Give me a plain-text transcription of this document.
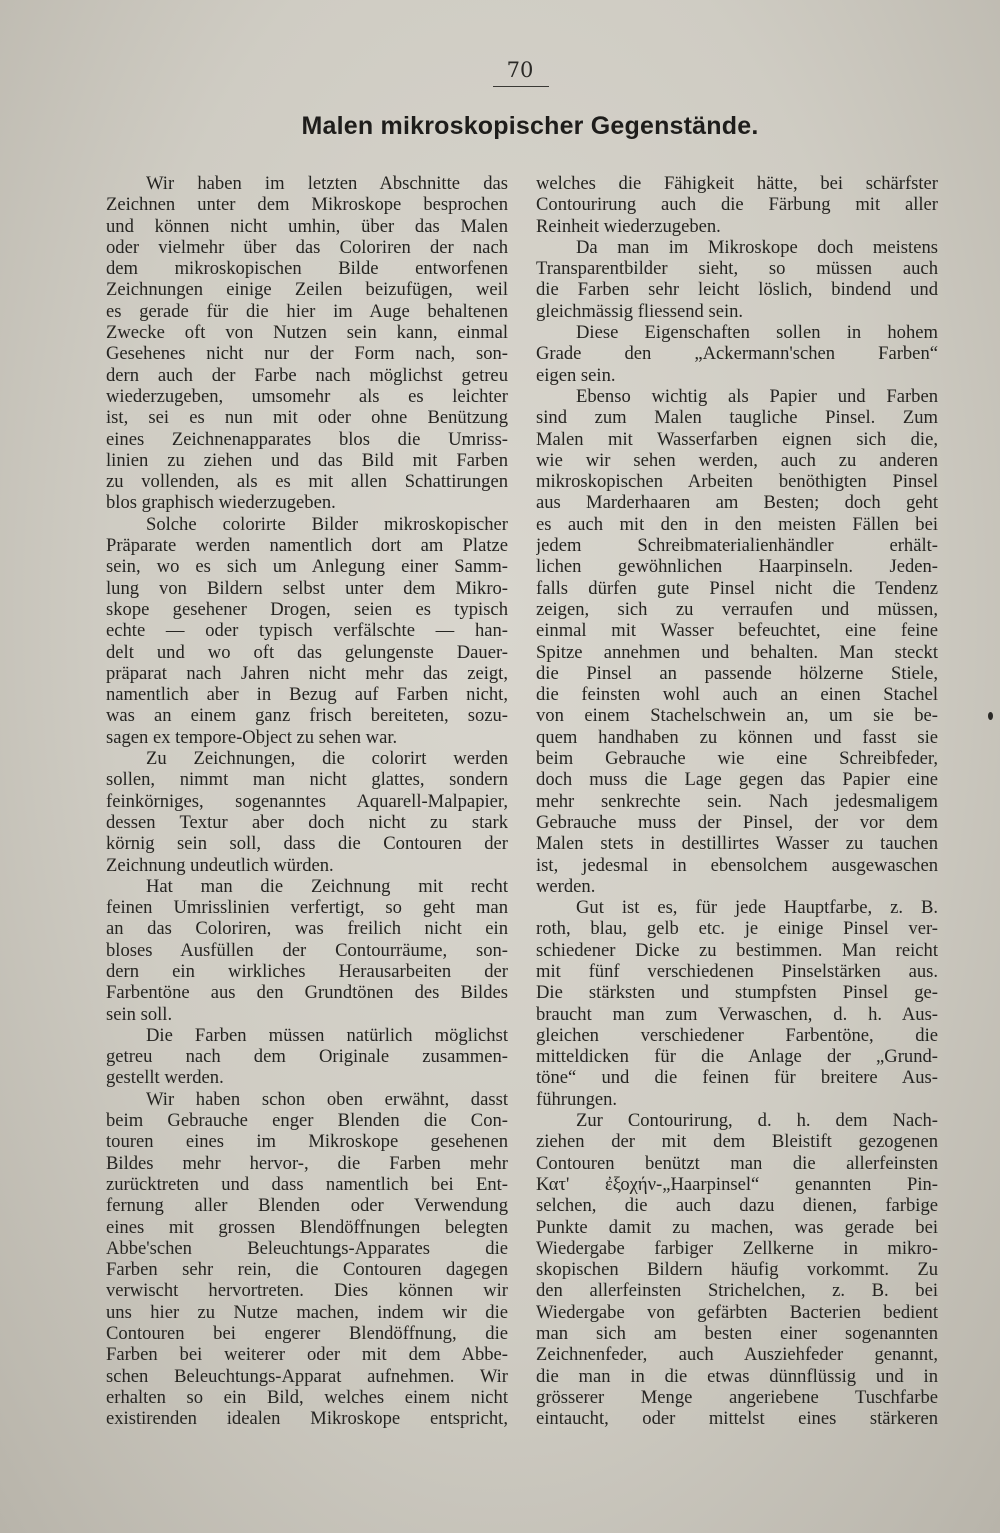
70
Malen mikroskopischer Gegenstände.
Wir haben im letzten Abschnitte das
Zeichnen unter dem Mikroskope besprochen
und können nicht umhin, über das Malen
oder vielmehr über das Coloriren der nach
dem mikroskopischen Bilde entworfenen
Zeichnungen einige Zeilen beizufügen, weil
es gerade für die hier im Auge behaltenen
Zwecke oft von Nutzen sein kann, einmal
Gesehenes nicht nur der Form nach, son-
dern auch der Farbe nach möglichst getreu
wiederzugeben, umsomehr als es leichter
ist, sei es nun mit oder ohne Benützung
eines Zeichnenapparates blos die Umriss-
linien zu ziehen und das Bild mit Farben
zu vollenden, als es mit allen Schattirungen
blos graphisch wiederzugeben.
Solche colorirte Bilder mikroskopischer
Präparate werden namentlich dort am Platze
sein, wo es sich um Anlegung einer Samm-
lung von Bildern selbst unter dem Mikro-
skope gesehener Drogen, seien es typisch
echte — oder typisch verfälschte — han-
delt und wo oft das gelungenste Dauer-
präparat nach Jahren nicht mehr das zeigt,
namentlich aber in Bezug auf Farben nicht,
was an einem ganz frisch bereiteten, sozu-
sagen ex tempore-Object zu sehen war.
Zu Zeichnungen, die colorirt werden
sollen, nimmt man nicht glattes, sondern
feinkörniges, sogenanntes Aquarell-Malpapier,
dessen Textur aber doch nicht zu stark
körnig sein soll, dass die Contouren der
Zeichnung undeutlich würden.
Hat man die Zeichnung mit recht
feinen Umrisslinien verfertigt, so geht man
an das Coloriren, was freilich nicht ein
bloses Ausfüllen der Contourräume, son-
dern ein wirkliches Herausarbeiten der
Farbentöne aus den Grundtönen des Bildes
sein soll.
Die Farben müssen natürlich möglichst
getreu nach dem Originale zusammen-
gestellt werden.
Wir haben schon oben erwähnt, dasst
beim Gebrauche enger Blenden die Con-
touren eines im Mikroskope gesehenen
Bildes mehr hervor-, die Farben mehr
zurücktreten und dass namentlich bei Ent-
fernung aller Blenden oder Verwendung
eines mit grossen Blendöffnungen belegten
Abbe'schen Beleuchtungs-Apparates die
Farben sehr rein, die Contouren dagegen
verwischt hervortreten. Dies können wir
uns hier zu Nutze machen, indem wir die
Contouren bei engerer Blendöffnung, die
Farben bei weiterer oder mit dem Abbe-
schen Beleuchtungs-Apparat aufnehmen. Wir
erhalten so ein Bild, welches einem nicht
existirenden idealen Mikroskope entspricht,
welches die Fähigkeit hätte, bei schärfster
Contourirung auch die Färbung mit aller
Reinheit wiederzugeben.
Da man im Mikroskope doch meistens
Transparentbilder sieht, so müssen auch
die Farben sehr leicht löslich, bindend und
gleichmässig fliessend sein.
Diese Eigenschaften sollen in hohem
Grade den „Ackermann'schen Farben“
eigen sein.
Ebenso wichtig als Papier und Farben
sind zum Malen taugliche Pinsel. Zum
Malen mit Wasserfarben eignen sich die,
wie wir sehen werden, auch zu anderen
mikroskopischen Arbeiten benöthigten Pinsel
aus Marderhaaren am Besten; doch geht
es auch mit den in den meisten Fällen bei
jedem Schreibmaterialienhändler erhält-
lichen gewöhnlichen Haarpinseln. Jeden-
falls dürfen gute Pinsel nicht die Tendenz
zeigen, sich zu verraufen und müssen,
einmal mit Wasser befeuchtet, eine feine
Spitze annehmen und behalten. Man steckt
die Pinsel an passende hölzerne Stiele,
die feinsten wohl auch an einen Stachel
von einem Stachelschwein an, um sie be-
quem handhaben zu können und fasst sie
beim Gebrauche wie eine Schreibfeder,
doch muss die Lage gegen das Papier eine
mehr senkrechte sein. Nach jedesmaligem
Gebrauche muss der Pinsel, der vor dem
Malen stets in destillirtes Wasser zu tauchen
ist, jedesmal in ebensolchem ausgewaschen
werden.
Gut ist es, für jede Hauptfarbe, z. B.
roth, blau, gelb etc. je einige Pinsel ver-
schiedener Dicke zu bestimmen. Man reicht
mit fünf verschiedenen Pinselstärken aus.
Die stärksten und stumpfsten Pinsel ge-
braucht man zum Verwaschen, d. h. Aus-
gleichen verschiedener Farbentöne, die
mitteldicken für die Anlage der „Grund-
töne“ und die feinen für breitere Aus-
führungen.
Zur Contourirung, d. h. dem Nach-
ziehen der mit dem Bleistift gezogenen
Contouren benützt man die allerfeinsten
Κατ' ἐξοχήν-„Haarpinsel“ genannten Pin-
selchen, die auch dazu dienen, farbige
Punkte damit zu machen, was gerade bei
Wiedergabe farbiger Zellkerne in mikro-
skopischen Bildern häufig vorkommt. Zu
den allerfeinsten Strichelchen, z. B. bei
Wiedergabe von gefärbten Bacterien bedient
man sich am besten einer sogenannten
Zeichnenfeder, auch Ausziehfeder genannt,
die man in die etwas dünnflüssig und in
grösserer Menge angeriebene Tuschfarbe
eintaucht, oder mittelst eines stärkeren
